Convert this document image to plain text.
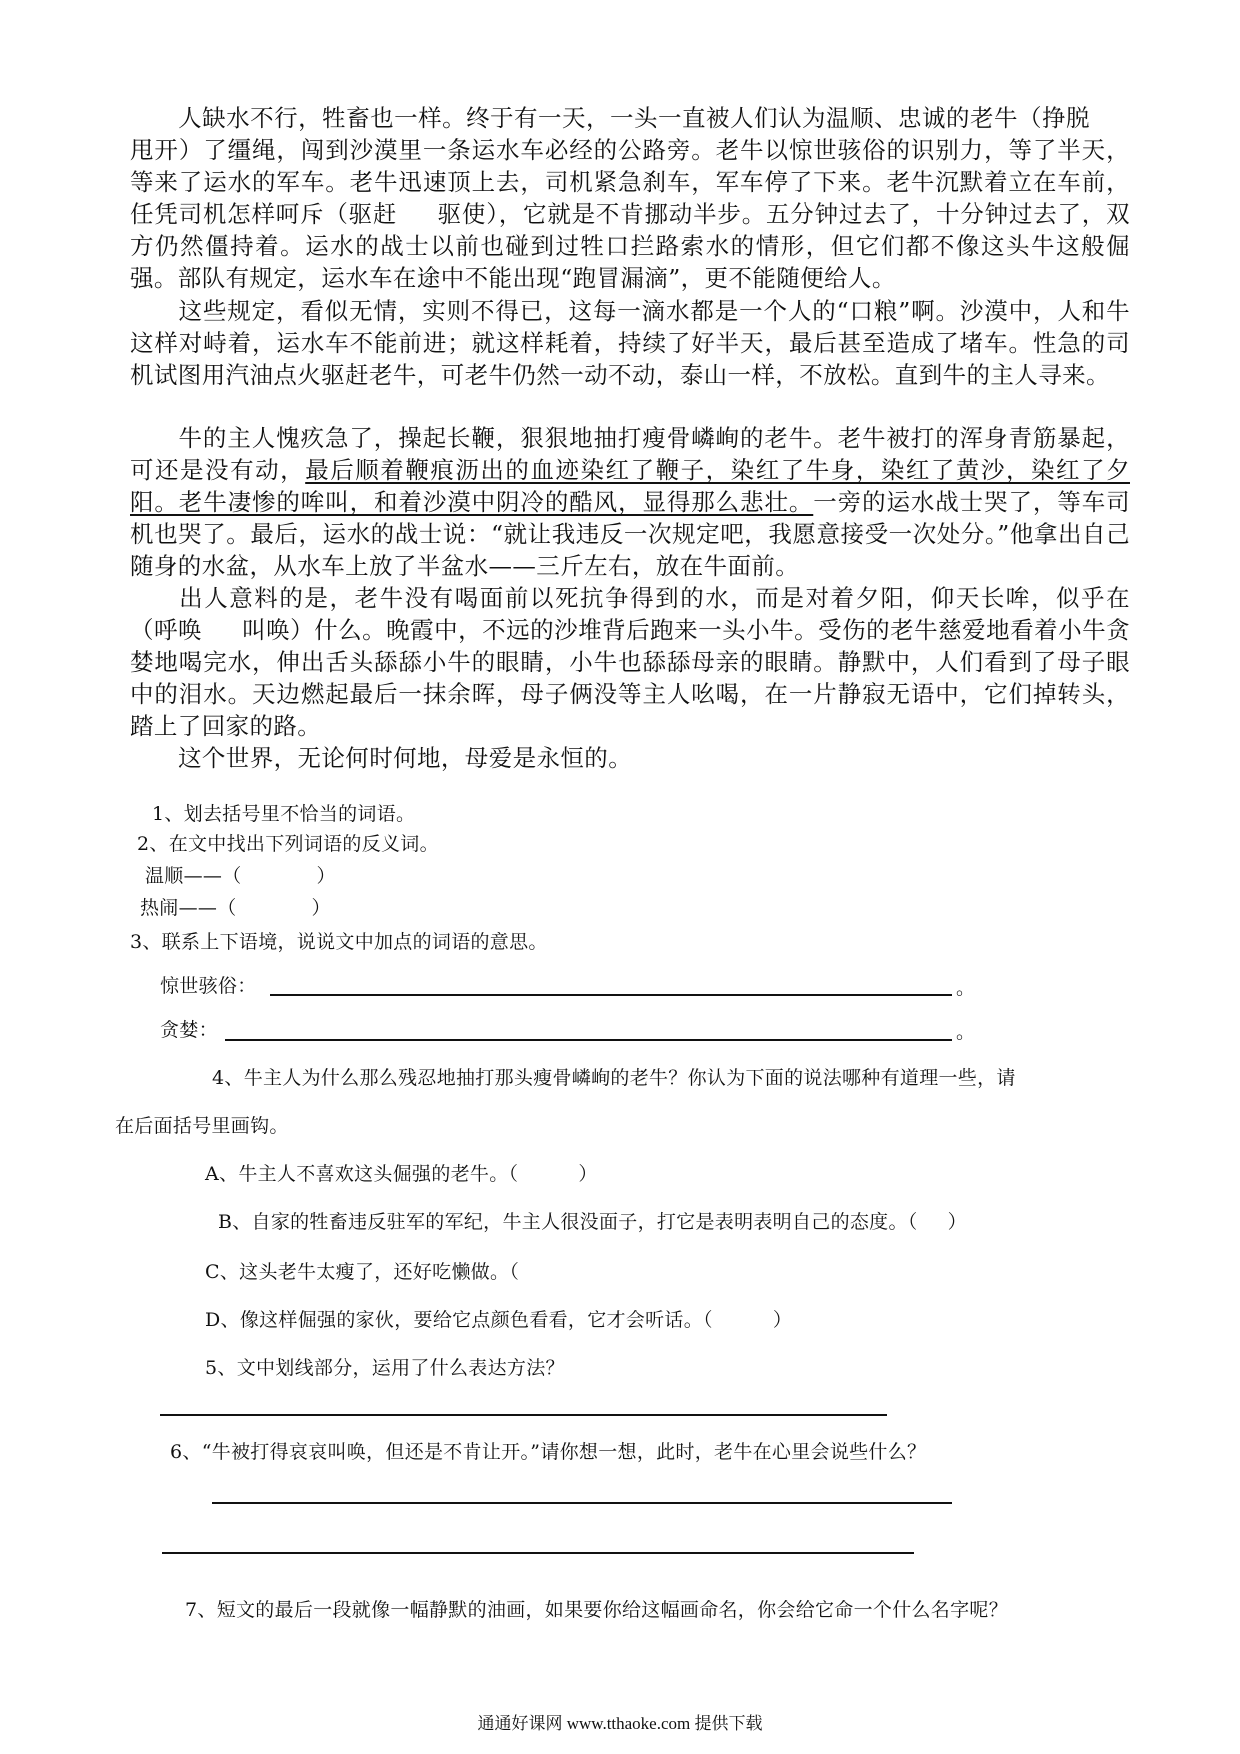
人缺水不行，牲畜也一样。终于有一天，一头一直被人们认为温顺、忠诚的老牛（挣脱甩开）了缰绳，闯到沙漠里一条运水车必经的公路旁。老牛以惊世骇俗的识别力，等了半天，等来了运水的军车。老牛迅速顶上去，司机紧急刹车，军车停了下来。老牛沉默着立在车前，任凭司机怎样呵斥（驱赶 驱使），它就是不肯挪动半步。五分钟过去了，十分钟过去了，双方仍然僵持着。运水的战士以前也碰到过牲口拦路索水的情形，但它们都不像这头牛这般倔强。部队有规定，运水车在途中不能出现“跑冒漏滴”，更不能随便给人。
这些规定，看似无情，实则不得已，这每一滴水都是一个人的“口粮”啊。沙漠中，人和牛这样对峙着，运水车不能前进；就这样耗着，持续了好半天，最后甚至造成了堵车。性急的司机试图用汽油点火驱赶老牛，可老牛仍然一动不动，泰山一样，不放松。直到牛的主人寻来。
牛的主人愧疚急了，操起长鞭，狠狠地抽打瘦骨嶙峋的老牛。老牛被打的浑身青筋暴起，可还是没有动，最后顺着鞭痕沥出的血迹染红了鞭子，染红了牛身，染红了黄沙，染红了夕阳。老牛凄惨的哞叫，和着沙漠中阴冷的酷风，显得那么悲壮。一旁的运水战士哭了，等车司机也哭了。最后，运水的战士说：“就让我违反一次规定吧，我愿意接受一次处分。”他拿出自己随身的水盆，从水车上放了半盆水——三斤左右，放在牛面前。
出人意料的是，老牛没有喝面前以死抗争得到的水，而是对着夕阳，仰天长哞，似乎在（呼唤 叫唤）什么。晚霞中，不远的沙堆背后跑来一头小牛。受伤的老牛慈爱地看着小牛贪婪地喝完水，伸出舌头舔舔小牛的眼睛，小牛也舔舔母亲的眼睛。静默中，人们看到了母子眼中的泪水。天边燃起最后一抹余晖，母子俩没等主人吆喝，在一片静寂无语中，它们掉转头，踏上了回家的路。
这个世界，无论何时何地，母爱是永恒的。
1、划去括号里不恰当的词语。
2、在文中找出下列词语的反义词。
温顺——（	）
热闹——（	）
3、联系上下语境，说说文中加点的词语的意思。
惊世骇俗：	。
贪婪：	。
4、牛主人为什么那么残忍地抽打那头瘦骨嶙峋的老牛？你认为下面的说法哪种有道理一些，请
在后面括号里画钩。
A、牛主人不喜欢这头倔强的老牛。（	）
B、自家的牲畜违反驻军的军纪，牛主人很没面子，打它是表明表明自己的态度。（ ）
C、这头老牛太瘦了，还好吃懒做。（
D、像这样倔强的家伙，要给它点颜色看看，它才会听话。（	）
5、文中划线部分，运用了什么表达方法？
6、“牛被打得哀哀叫唤，但还是不肯让开。”请你想一想，此时，老牛在心里会说些什么？
7、短文的最后一段就像一幅静默的油画，如果要你给这幅画命名，你会给它命一个什么名字呢？
通通好课网 www.tthaoke.com 提供下载
